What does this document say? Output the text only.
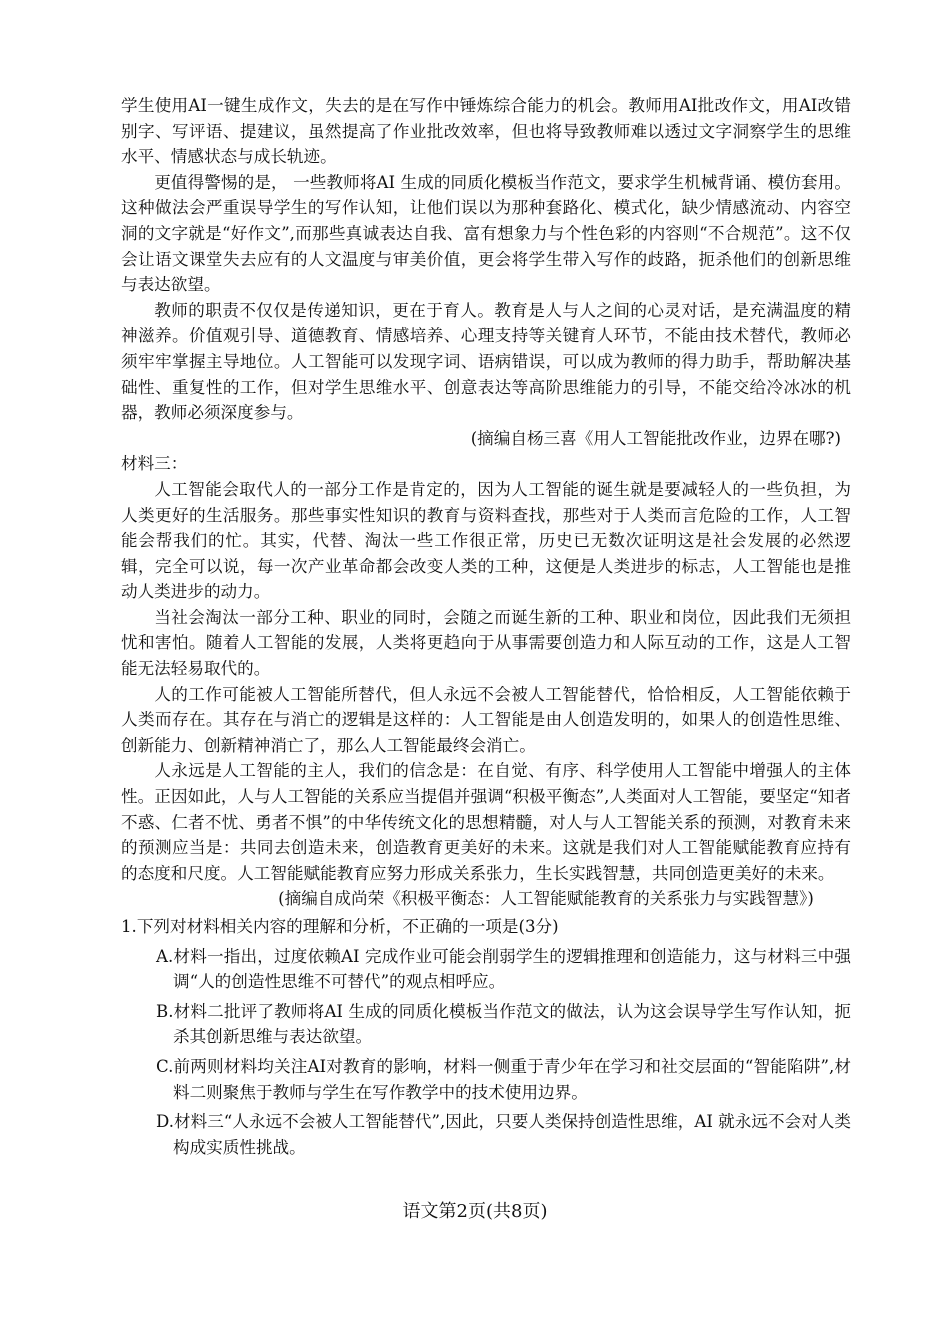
学生使用AI一键生成作文，失去的是在写作中锤炼综合能力的机会。教师用AI批改作文，用AI改错别字、写评语、提建议，虽然提高了作业批改效率，但也将导致教师难以透过文字洞察学生的思维水平、情感状态与成长轨迹。

更值得警惕的是， 一些教师将AI 生成的同质化模板当作范文，要求学生机械背诵、模仿套用。这种做法会严重误导学生的写作认知，让他们误以为那种套路化、模式化，缺少情感流动、内容空洞的文字就是“好作文”,而那些真诚表达自我、富有想象力与个性色彩的内容则“不合规范”。这不仅会让语文课堂失去应有的人文温度与审美价值，更会将学生带入写作的歧路，扼杀他们的创新思维与表达欲望。

教师的职责不仅仅是传递知识，更在于育人。教育是人与人之间的心灵对话，是充满温度的精神滋养。价值观引导、道德教育、情感培养、心理支持等关键育人环节，不能由技术替代，教师必须牢牢掌握主导地位。人工智能可以发现字词、语病错误，可以成为教师的得力助手，帮助解决基础性、重复性的工作，但对学生思维水平、创意表达等高阶思维能力的引导，不能交给冷冰冰的机器，教师必须深度参与。

(摘编自杨三喜《用人工智能批改作业，边界在哪?)

材料三：

人工智能会取代人的一部分工作是肯定的，因为人工智能的诞生就是要减轻人的一些负担，为人类更好的生活服务。那些事实性知识的教育与资料查找，那些对于人类而言危险的工作，人工智能会帮我们的忙。其实，代替、淘汰一些工作很正常，历史已无数次证明这是社会发展的必然逻辑，完全可以说，每一次产业革命都会改变人类的工种，这便是人类进步的标志，人工智能也是推动人类进步的动力。

当社会淘汰一部分工种、职业的同时，会随之而诞生新的工种、职业和岗位，因此我们无须担忧和害怕。随着人工智能的发展，人类将更趋向于从事需要创造力和人际互动的工作，这是人工智能无法轻易取代的。

人的工作可能被人工智能所替代，但人永远不会被人工智能替代，恰恰相反，人工智能依赖于人类而存在。其存在与消亡的逻辑是这样的：人工智能是由人创造发明的，如果人的创造性思维、创新能力、创新精神消亡了，那么人工智能最终会消亡。

人永远是人工智能的主人，我们的信念是：在自觉、有序、科学使用人工智能中增强人的主体性。正因如此，人与人工智能的关系应当提倡并强调“积极平衡态”,人类面对人工智能，要坚定“知者不惑、仁者不忧、勇者不惧”的中华传统文化的思想精髓，对人与人工智能关系的预测，对教育未来的预测应当是：共同去创造未来，创造教育更美好的未来。这就是我们对人工智能赋能教育应持有的态度和尺度。人工智能赋能教育应努力形成关系张力，生长实践智慧，共同创造更美好的未来。

(摘编自成尚荣《积极平衡态：人工智能赋能教育的关系张力与实践智慧》)

1.下列对材料相关内容的理解和分析，不正确的一项是(3分)

A.材料一指出，过度依赖AI 完成作业可能会削弱学生的逻辑推理和创造能力，这与材料三中强调“人的创造性思维不可替代”的观点相呼应。

B.材料二批评了教师将AI 生成的同质化模板当作范文的做法，认为这会误导学生写作认知，扼杀其创新思维与表达欲望。

C.前两则材料均关注AI对教育的影响，材料一侧重于青少年在学习和社交层面的“智能陷阱”,材料二则聚焦于教师与学生在写作教学中的技术使用边界。

D.材料三“人永远不会被人工智能替代”,因此，只要人类保持创造性思维，AI 就永远不会对人类构成实质性挑战。

语文第2页(共8页)
